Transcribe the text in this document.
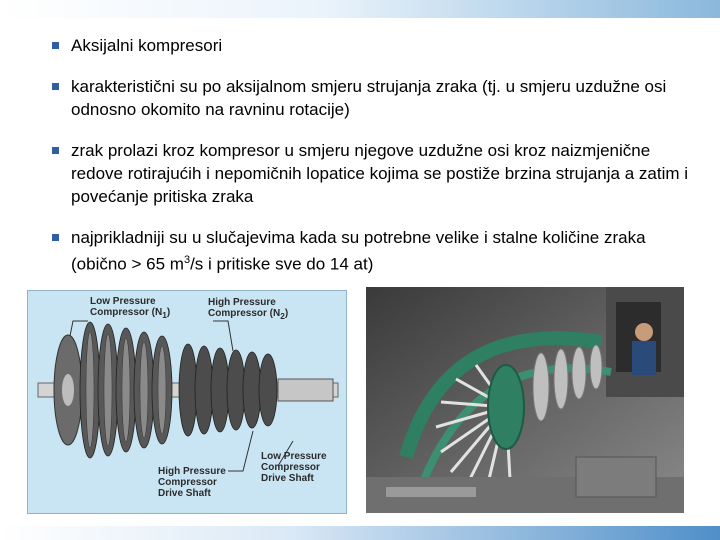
Aksijalni kompresori
karakteristični su po aksijalnom smjeru strujanja zraka (tj. u smjeru uzdužne osi odnosno okomito na ravninu rotacije)
zrak prolazi kroz kompresor u smjeru njegove uzdužne osi kroz naizmjenične redove rotirajućih i nepomičnih lopatice kojima se postiže brzina strujanja a zatim i povećanje pritiska zraka
najprikladniji su u slučajevima kada su potrebne velike i stalne količine zraka (obično > 65 $m^3/s$ i pritiske sve do 14 at)
Low Pressure
Compressor $(N_1)$
High Pressure
Compressor $(N_2)$
High Pressure
Compressor
Drive Shaft
Low Pressure
Compressor
Drive Shaft
